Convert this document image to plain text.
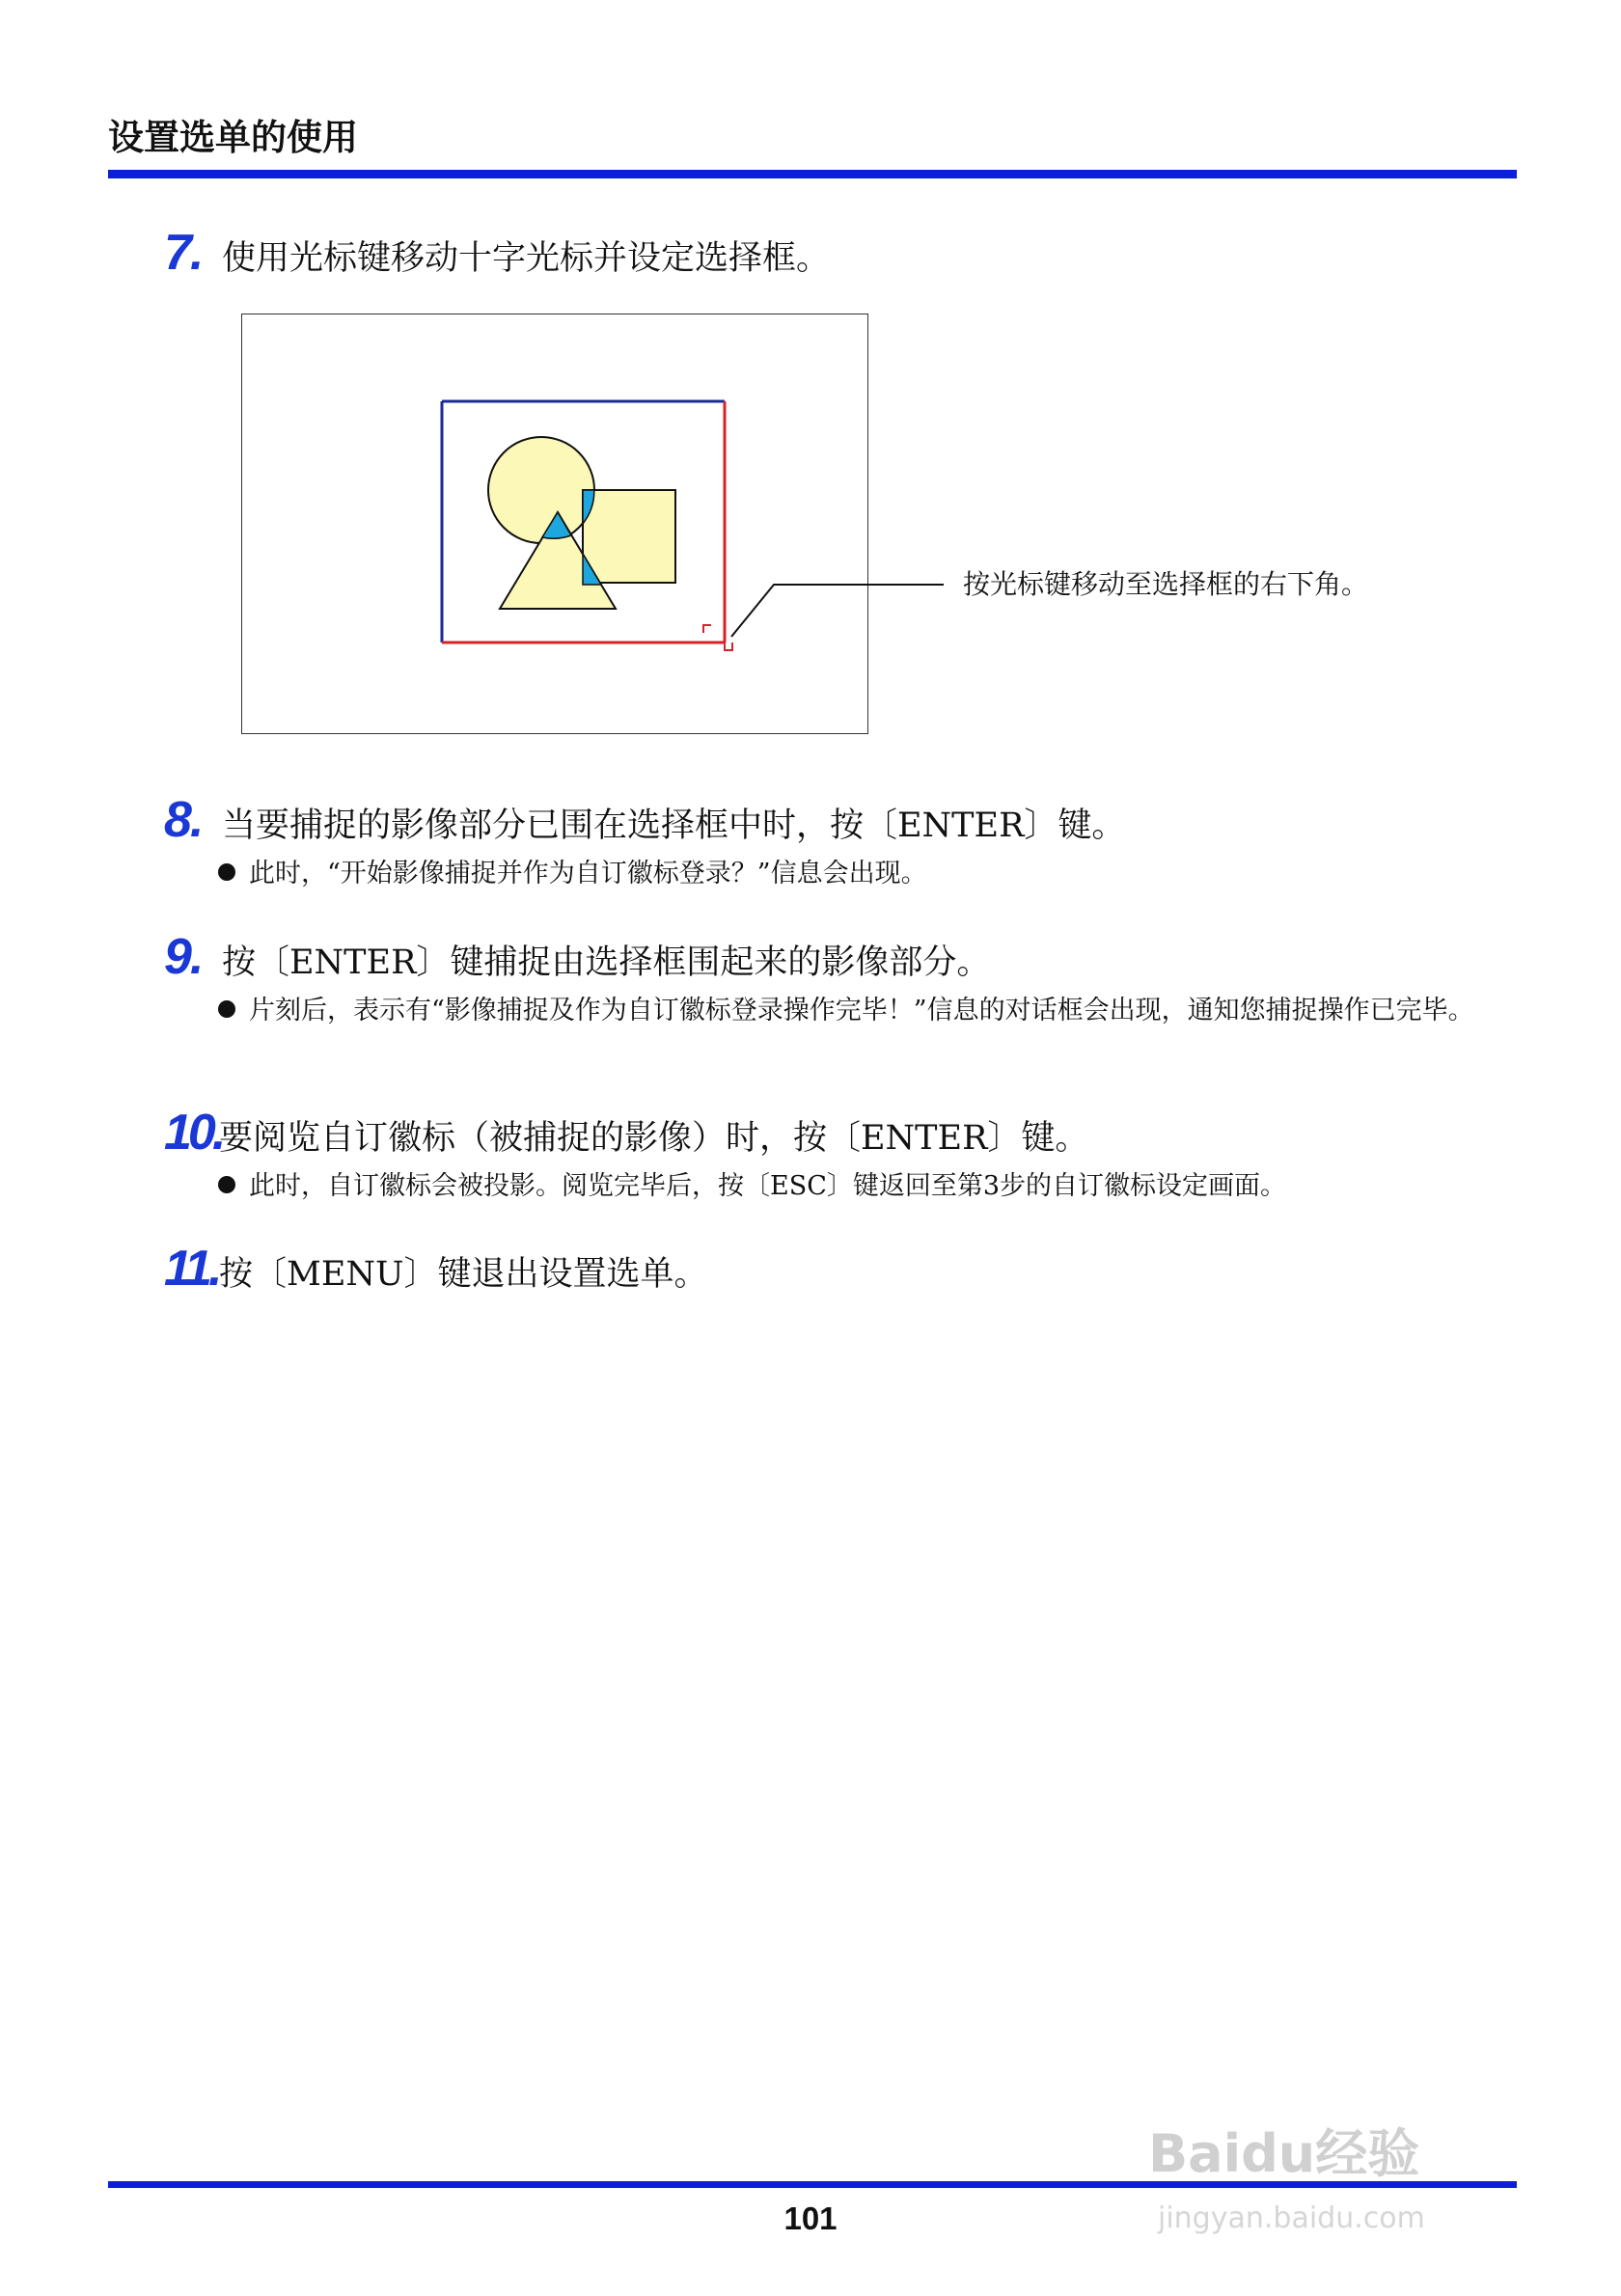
设置选单的使用
7. 使用光标键移动十字光标并设定选择框。
按光标键移动至选择框的右下角。
8. 当要捕捉的影像部分已围在选择框中时，按〔ENTER〕键。
此时，“开始影像捕捉并作为自订徽标登录？”信息会出现。
9. 按〔ENTER〕键捕捉由选择框围起来的影像部分。
片刻后，表示有“影像捕捉及作为自订徽标登录操作完毕！”信息的对话框会出现，通知您捕捉操作已完毕。
10.
要阅览自订徽标（被捕捉的影像）时，按〔ENTER〕键。
此时，自订徽标会被投影。阅览完毕后，按〔ESC〕键返回至第3步的自订徽标设定画面。
11. 按〔MENU〕键退出设置选单。
101
Baidu经验
jingyan.baidu.com
